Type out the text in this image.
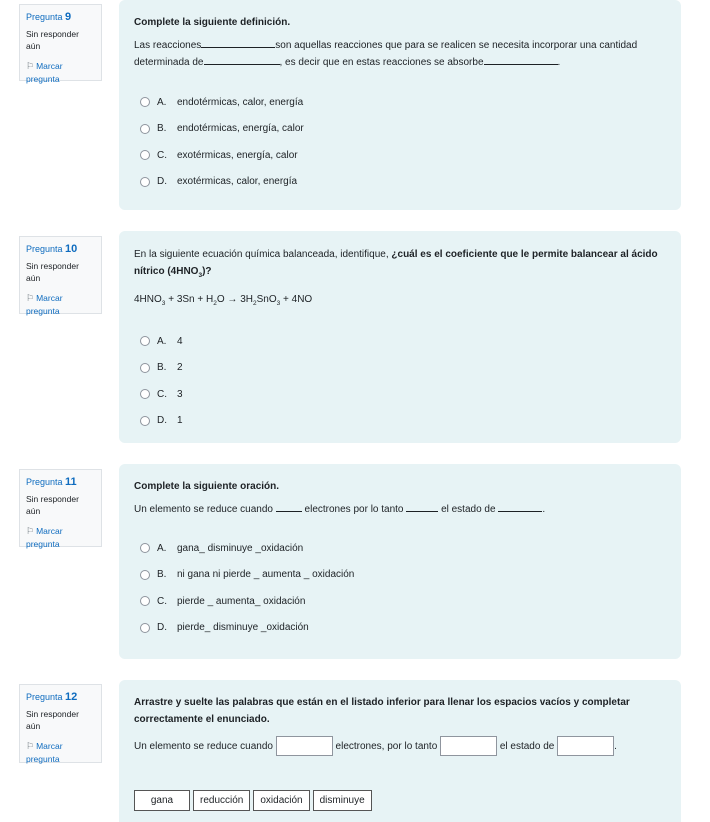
Pregunta 9
Sin responder aún
⚐ Marcar pregunta
Complete la siguiente definición.
Las reacciones	son aquellas reacciones que para se realicen se necesita incorporar una cantidad determinada de	, es decir que en estas reacciones se absorbe	.
A.	endotérmicas, calor, energía
B.	endotérmicas, energía, calor
C.	exotérmicas, energía, calor
D.	exotérmicas, calor, energía
Pregunta 10
Sin responder aún
⚐ Marcar pregunta
En la siguiente ecuación química balanceada, identifique, ¿cuál es el coeficiente que le permite balancear al ácido nítrico $(4HNO_3)$?
$4HNO_3 + 3Sn + H_2O \to 3H_2SnO_3 + 4NO$
A.	4
B.	2
C.	3
D.	1
Pregunta 11
Sin responder aún
⚐ Marcar pregunta
Complete la siguiente oración.
Un elemento se reduce cuando	electrones por lo tanto	el estado de	.
A.	gana_ disminuye _oxidación
B.	ni gana ni pierde _ aumenta _ oxidación
C.	pierde _ aumenta_ oxidación
D.	pierde_ disminuye _oxidación
Pregunta 12
Sin responder aún
⚐ Marcar pregunta
Arrastre y suelte las palabras que están en el listado inferior para llenar los espacios vacíos y completar correctamente el enunciado.
Un elemento se reduce cuando	electrones, por lo tanto	el estado de	.
gana	reducción	oxidación	disminuye
